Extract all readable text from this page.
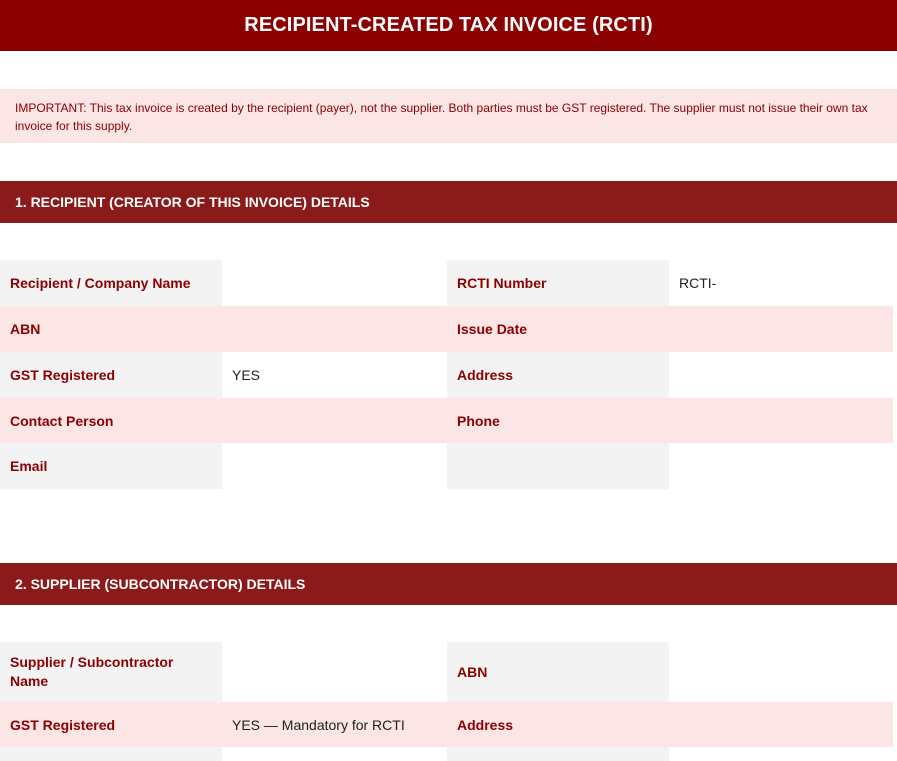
RECIPIENT-CREATED TAX INVOICE (RCTI)
IMPORTANT: This tax invoice is created by the recipient (payer), not the supplier. Both parties must be GST registered. The supplier must not issue their own tax invoice for this supply.
1. RECIPIENT (CREATOR OF THIS INVOICE) DETAILS
Recipient / Company Name		RCTI Number	RCTI-
ABN		Issue Date	
GST Registered	YES	Address	
Contact Person		Phone	
Email			
2. SUPPLIER (SUBCONTRACTOR) DETAILS
Supplier / Subcontractor Name		ABN	
GST Registered	YES — Mandatory for RCTI	Address	
